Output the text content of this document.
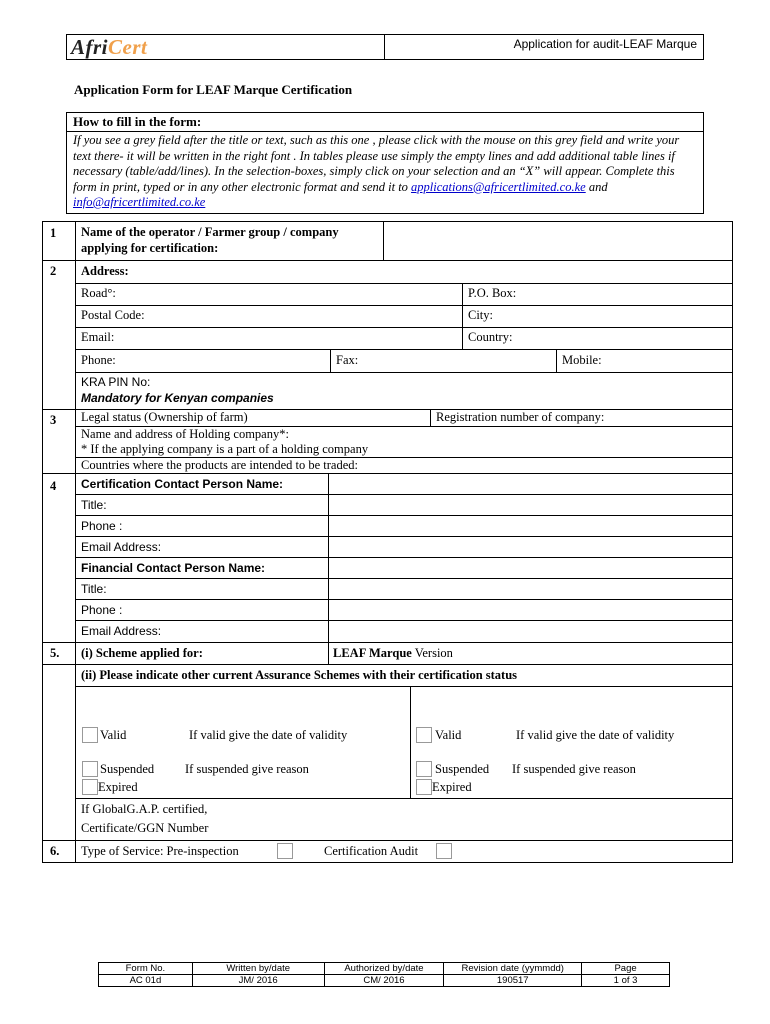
AfriCert	Application for audit-LEAF Marque
Application Form for LEAF Marque Certification
How to fill in the form:
If you see a grey field after the title or text, such as this one , please click with the mouse on this grey field and write your text there- it will be written in the right font . In tables please use simply the empty lines and add additional table lines if necessary (table/add/lines). In the selection-boxes, simply click on your selection and an “X” will appear. Complete this form in print, typed or in any other electronic format and send it to applications@africertlimited.co.ke and info@africertlimited.co.ke
1 Name of the operator / Farmer group / company
applying for certification:
2 Address:
Road°:	P.O. Box:
Postal Code:	City:
Email:	Country:
Phone:	Fax:	Mobile:
KRA PIN No:
Mandatory for Kenyan companies
3 Legal status (Ownership of farm)	Registration number of company:
Name and address of Holding company*:
* If the applying company is a part of a holding company
Countries where the products are intended to be traded:
4 Certification Contact Person Name:
Title:
Phone :
Email Address:
Financial Contact Person Name:
Title:
Phone :
Email Address:
5. (i) Scheme applied for:	LEAF Marque Version
(ii) Please indicate other current Assurance Schemes with their certification status
Valid	If valid give the date of validity
Suspended If suspended give reason
Expired
Valid	If valid give the date of validity
Suspended If suspended give reason
Expired
If GlobalG.A.P. certified,
Certificate/GGN Number
6. Type of Service: Pre-inspection	Certification Audit
Form No.	Written by/date	Authorized by/date	Revision date (yymmdd)	Page
AC 01d	JM/ 2016	CM/ 2016	190517	1 of 3
